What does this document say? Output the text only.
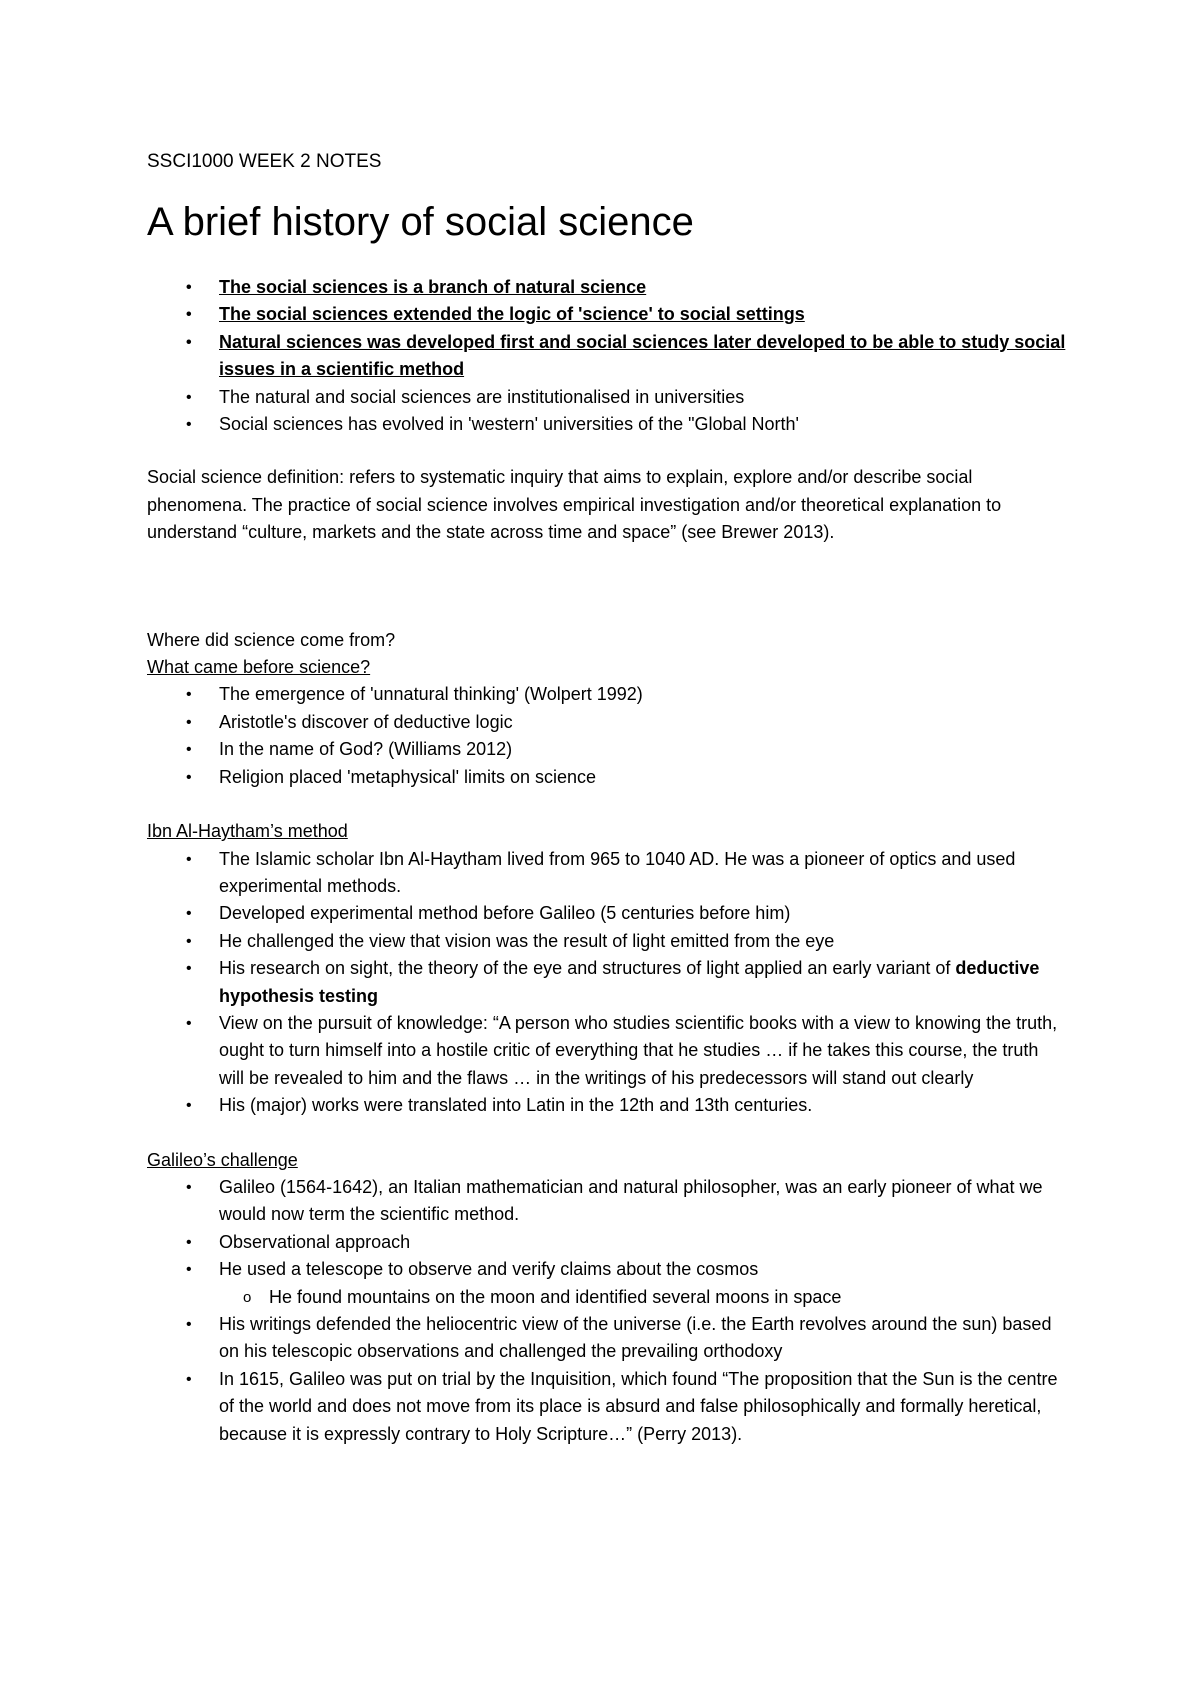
SSCI1000 WEEK 2 NOTES

A brief history of social science
• The social sciences is a branch of natural science
• The social sciences extended the logic of 'science' to social settings
• Natural sciences was developed first and social sciences later developed to be able to study social issues in a scientific method
• The natural and social sciences are institutionalised in universities
• Social sciences has evolved in 'western' universities of the "Global North'

Social science definition: refers to systematic inquiry that aims to explain, explore and/or describe social phenomena. The practice of social science involves empirical investigation and/or theoretical explanation to understand “culture, markets and the state across time and space” (see Brewer 2013).

Where did science come from?

What came before science?

• The emergence of 'unnatural thinking' (Wolpert 1992)
• Aristotle's discover of deductive logic
• In the name of God? (Williams 2012)
• Religion placed 'metaphysical' limits on science

Ibn Al-Haytham’s method

• The Islamic scholar Ibn Al-Haytham lived from 965 to 1040 AD. He was a pioneer of optics and used experimental methods.
• Developed experimental method before Galileo (5 centuries before him)
• He challenged the view that vision was the result of light emitted from the eye
• His research on sight, the theory of the eye and structures of light applied an early variant of deductive hypothesis testing
• View on the pursuit of knowledge: “A person who studies scientific books with a view to knowing the truth, ought to turn himself into a hostile critic of everything that he studies … if he takes this course, the truth will be revealed to him and the flaws … in the writings of his predecessors will stand out clearly
• His (major) works were translated into Latin in the 12th and 13th centuries.

Galileo’s challenge

• Galileo (1564-1642), an Italian mathematician and natural philosopher, was an early pioneer of what we would now term the scientific method.
• Observational approach
• He used a telescope to observe and verify claims about the cosmos
o He found mountains on the moon and identified several moons in space
• His writings defended the heliocentric view of the universe (i.e. the Earth revolves around the sun) based on his telescopic observations and challenged the prevailing orthodoxy
• In 1615, Galileo was put on trial by the Inquisition, which found “The proposition that the Sun is the centre of the world and does not move from its place is absurd and false philosophically and formally heretical, because it is expressly contrary to Holy Scripture…” (Perry 2013).
